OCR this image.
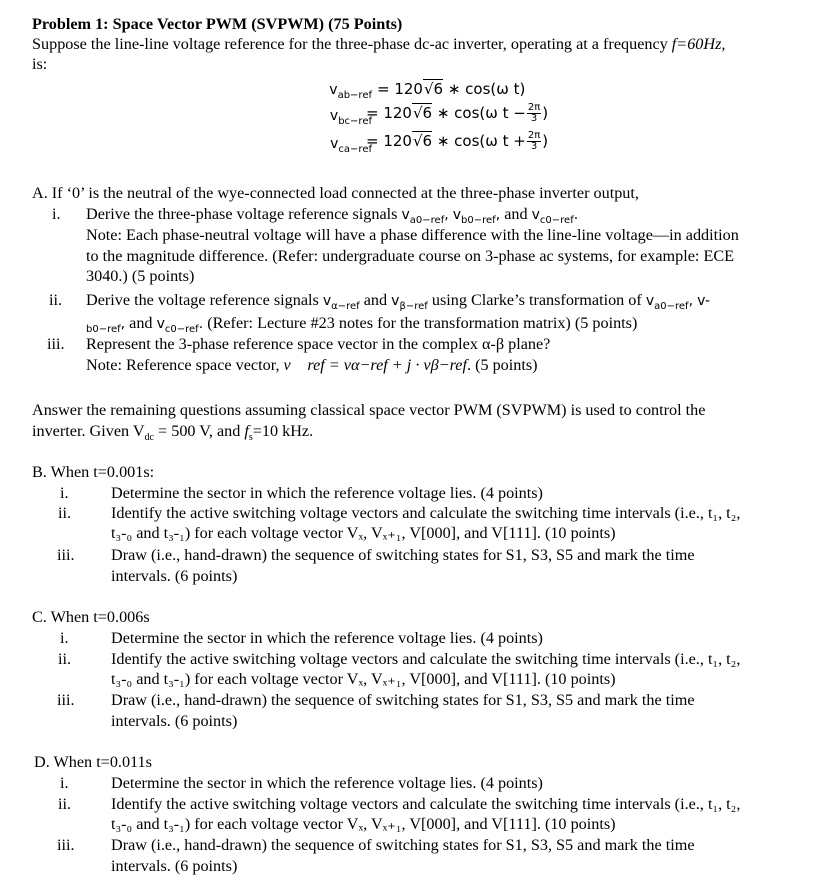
Problem 1: Space Vector PWM (SVPWM) (75 Points)
Suppose the line-line voltage reference for the three-phase dc-ac inverter, operating at a frequency f=60Hz,
is:
$v_{ab-ref} = 120√6$ ∗ cos(ω t)
$v_{bc-ref}$
= 120√6 ∗ cos(ω $t - \frac{2\pi}{3}$ )
$v_{ca-ref}$
= 120√6 ∗ cos(ω $t + \frac{2\pi}{3}$ )
A. If ‘0’ is the neutral of the wye-connected load connected at the three-phase inverter output,
i. Derive the three-phase voltage reference signals $v_{a0-ref}$, $v_{b0-ref}$, and $v_{c0-ref}$.
Note: Each phase-neutral voltage will have a phase difference with the line-line voltage—in addition
to the magnitude difference. (Refer: undergraduate course on 3-phase ac systems, for example: ECE
3040.) (5 points)
ii. Derive the voltage reference signals $v_{\alpha-ref}$ and $v_{\beta-ref}$ using Clarke’s transformation of $v_{a0-ref}$, v-
$_{b0-ref}$, and $v_{c0-ref}$. (Refer: Lecture #23 notes for the transformation matrix) (5 points)
iii. Represent the 3-phase reference space vector in the complex α-β plane?
Note: Reference space vector, v⃗ ref = vα−ref + j · vβ−ref. (5 points)
Answer the remaining questions assuming classical space vector PWM (SVPWM) is used to control the
inverter. Given $V_{dc} = 500$ V, and $f_s=10$ kHz.
B. When t=0.001s:
i.	Determine the sector in which the reference voltage lies. (4 points)
ii. Identify the active switching voltage vectors and calculate the switching time intervals (i.e., t₁, t₂,
t₃-₀ and t₃-₁) for each voltage vector Vₓ, Vₓ₊₁, V[000], and V[111]. (10 points)
iii. Draw (i.e., hand-drawn) the sequence of switching states for S1, S3, S5 and mark the time
intervals. (6 points)
C. When t=0.006s
i.	Determine the sector in which the reference voltage lies. (4 points)
ii. Identify the active switching voltage vectors and calculate the switching time intervals (i.e., t₁, t₂,
t₃-₀ and t₃-₁) for each voltage vector Vₓ, Vₓ₊₁, V[000], and V[111]. (10 points)
iii. Draw (i.e., hand-drawn) the sequence of switching states for S1, S3, S5 and mark the time
intervals. (6 points)
D. When t=0.011s
i.	Determine the sector in which the reference voltage lies. (4 points)
ii. Identify the active switching voltage vectors and calculate the switching time intervals (i.e., t₁, t₂,
t₃-₀ and t₃-₁) for each voltage vector Vₓ, Vₓ₊₁, V[000], and V[111]. (10 points)
iii. Draw (i.e., hand-drawn) the sequence of switching states for S1, S3, S5 and mark the time
intervals. (6 points)
